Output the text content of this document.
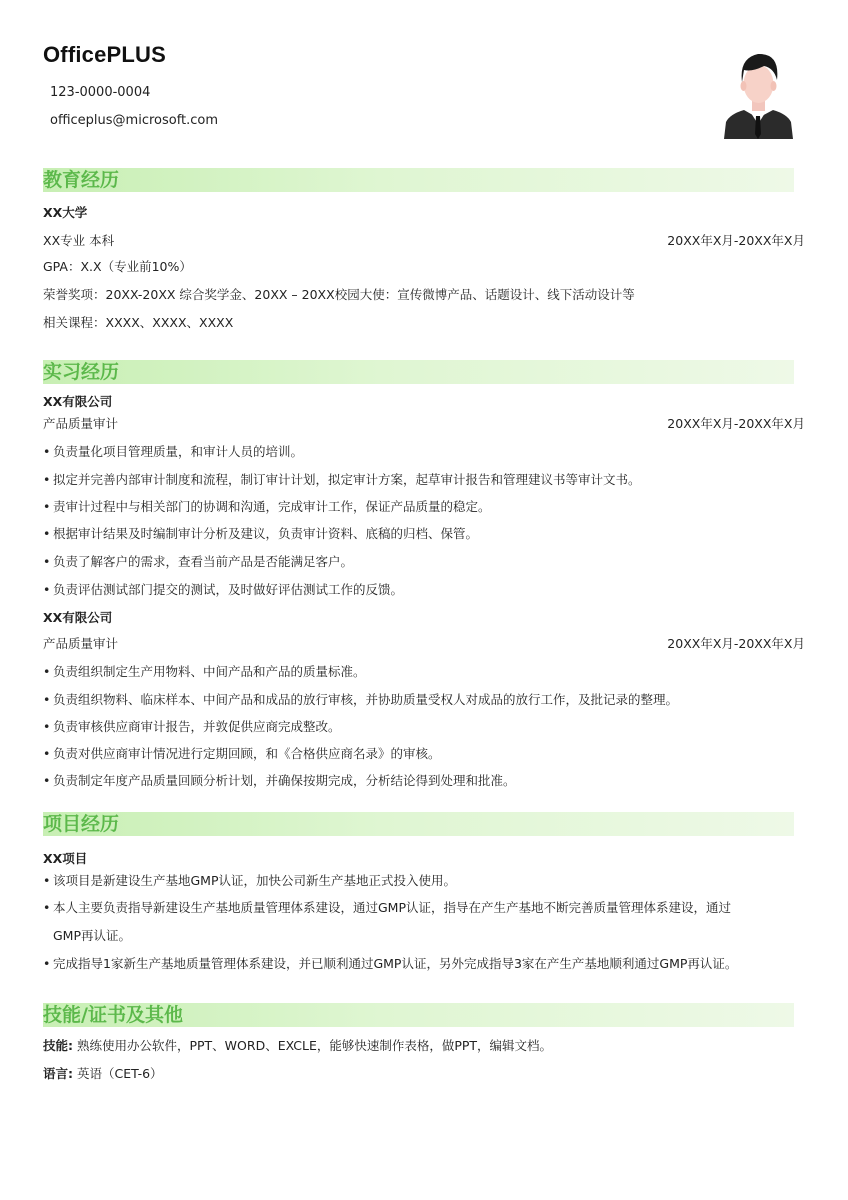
OfficePLUS
123-0000-0004
officeplus@microsoft.com
教育经历
XX大学
XX专业 本科	20XX年X月-20XX年X月
GPA：X.X（专业前10%）
荣誉奖项：20XX-20XX 综合奖学金、20XX – 20XX校园大使：宣传微博产品、话题设计、线下活动设计等
相关课程：XXXX、XXXX、XXXX
实习经历
XX有限公司
产品质量审计	20XX年X月-20XX年X月
• 负责量化项目管理质量，和审计人员的培训。
• 拟定并完善内部审计制度和流程，制订审计计划，拟定审计方案，起草审计报告和管理建议书等审计文书。
• 责审计过程中与相关部门的协调和沟通，完成审计工作，保证产品质量的稳定。
• 根据审计结果及时编制审计分析及建议，负责审计资料、底稿的归档、保管。
• 负责了解客户的需求，查看当前产品是否能满足客户。
• 负责评估测试部门提交的测试，及时做好评估测试工作的反馈。
XX有限公司
产品质量审计	20XX年X月-20XX年X月
• 负责组织制定生产用物料、中间产品和产品的质量标准。
• 负责组织物料、临床样本、中间产品和成品的放行审核，并协助质量受权人对成品的放行工作，及批记录的整理。
• 负责审核供应商审计报告，并敦促供应商完成整改。
• 负责对供应商审计情况进行定期回顾，和《合格供应商名录》的审核。
• 负责制定年度产品质量回顾分析计划，并确保按期完成，分析结论得到处理和批准。
项目经历
XX项目
• 该项目是新建设生产基地GMP认证，加快公司新生产基地正式投入使用。
• 本人主要负责指导新建设生产基地质量管理体系建设，通过GMP认证，指导在产生产基地不断完善质量管理体系建设，通过
GMP再认证。
• 完成指导1家新生产基地质量管理体系建设，并已顺利通过GMP认证，另外完成指导3家在产生产基地顺利通过GMP再认证。
技能/证书及其他
技能: 熟练使用办公软件，PPT、WORD、EXCLE，能够快速制作表格，做PPT，编辑文档。
语言: 英语（CET-6）
